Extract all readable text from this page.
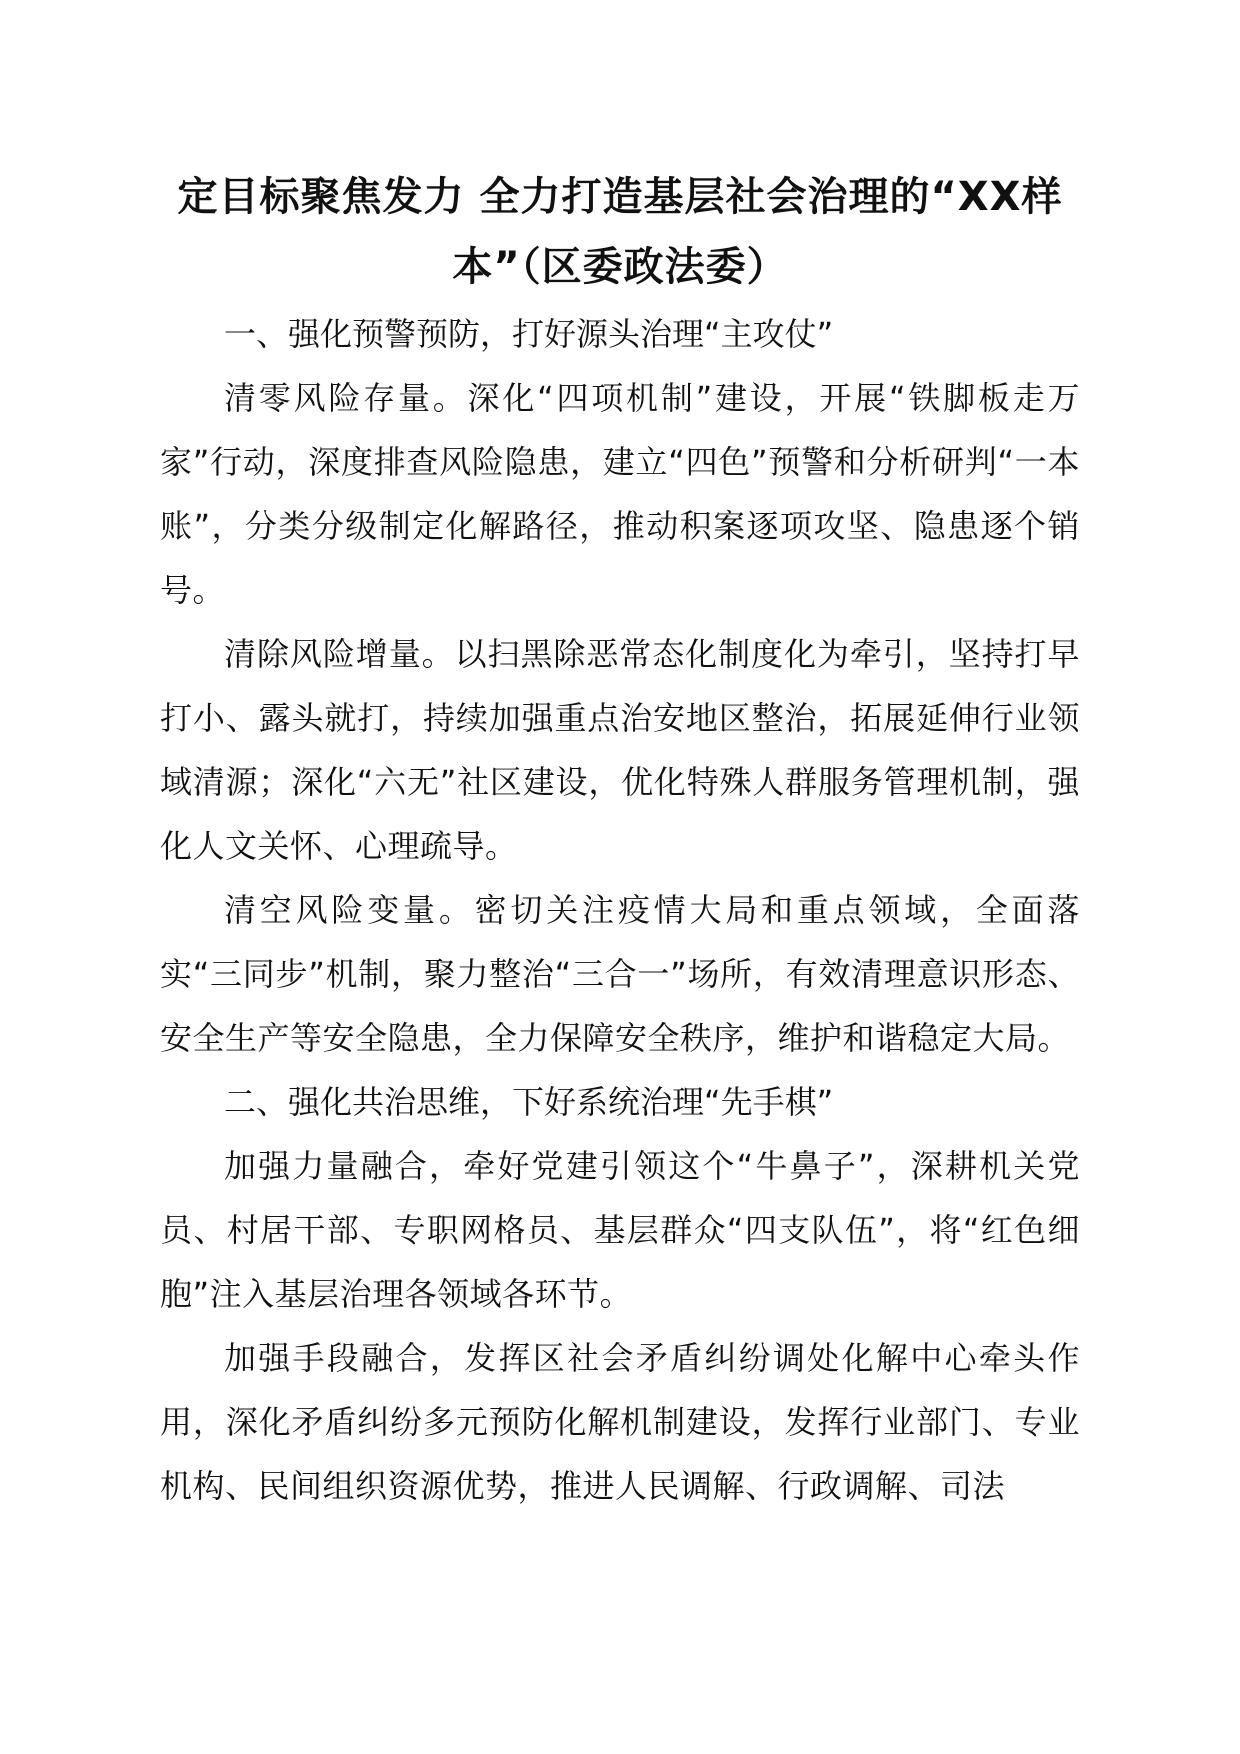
定目标聚焦发力 全力打造基层社会治理的“XX样本”（区委政法委）
一、强化预警预防，打好源头治理“主攻仗”

清零风险存量。深化“四项机制”建设，开展“铁脚板走万家”行动，深度排查风险隐患，建立“四色”预警和分析研判“一本账”，分类分级制定化解路径，推动积案逐项攻坚、隐患逐个销号。

清除风险增量。以扫黑除恶常态化制度化为牵引，坚持打早打小、露头就打，持续加强重点治安地区整治，拓展延伸行业领域清源；深化“六无”社区建设，优化特殊人群服务管理机制，强化人文关怀、心理疏导。

清空风险变量。密切关注疫情大局和重点领域，全面落实“三同步”机制，聚力整治“三合一”场所，有效清理意识形态、安全生产等安全隐患，全力保障安全秩序，维护和谐稳定大局。

二、强化共治思维，下好系统治理“先手棋”

加强力量融合，牵好党建引领这个“牛鼻子”，深耕机关党员、村居干部、专职网格员、基层群众“四支队伍”，将“红色细胞”注入基层治理各领域各环节。

加强手段融合，发挥区社会矛盾纠纷调处化解中心牵头作用，深化矛盾纠纷多元预防化解机制建设，发挥行业部门、专业机构、民间组织资源优势，推进人民调解、行政调解、司法
